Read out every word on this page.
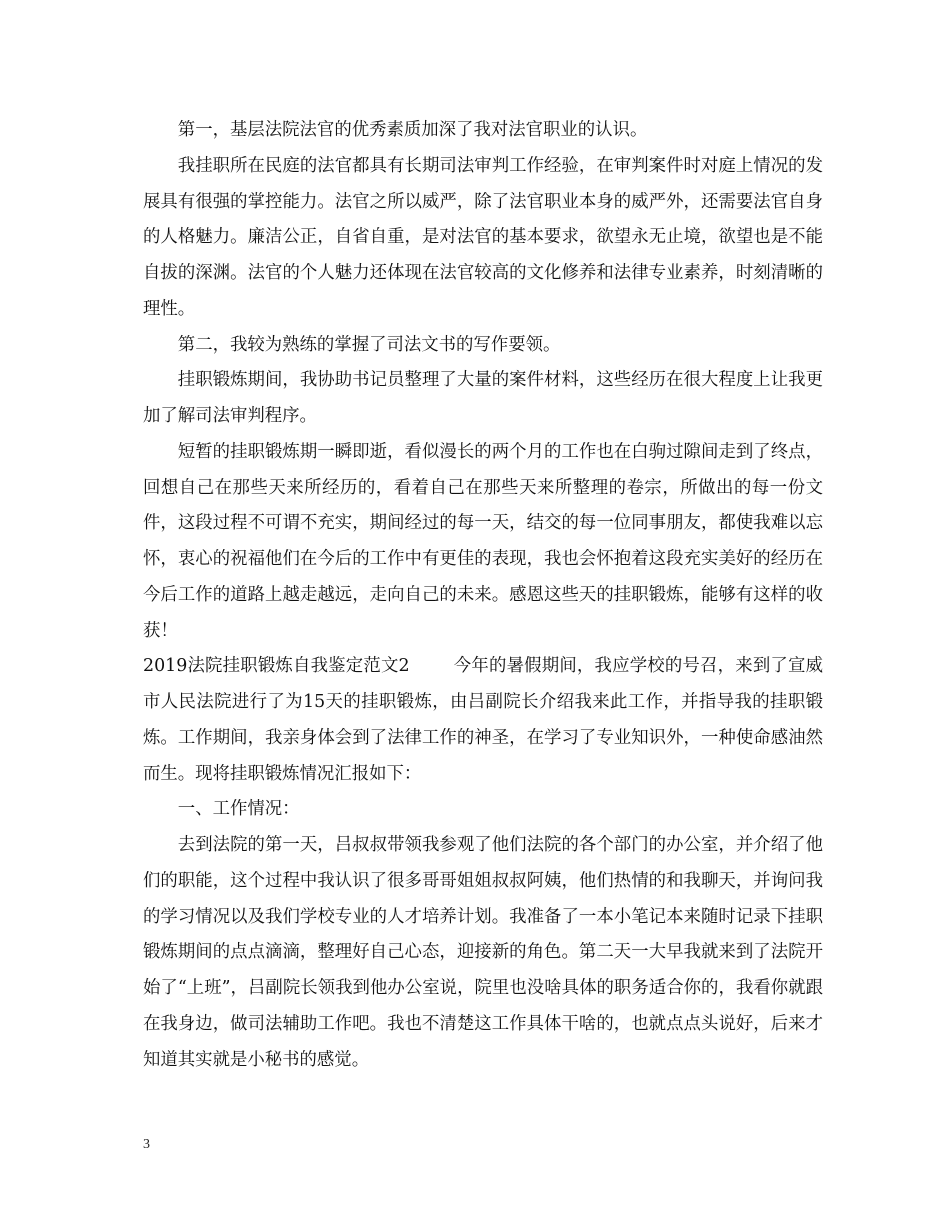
第一，基层法院法官的优秀素质加深了我对法官职业的认识。

我挂职所在民庭的法官都具有长期司法审判工作经验，在审判案件时对庭上情况的发展具有很强的掌控能力。法官之所以威严，除了法官职业本身的威严外，还需要法官自身的人格魅力。廉洁公正，自省自重，是对法官的基本要求，欲望永无止境，欲望也是不能自拔的深渊。法官的个人魅力还体现在法官较高的文化修养和法律专业素养，时刻清晰的理性。

第二，我较为熟练的掌握了司法文书的写作要领。

挂职锻炼期间，我协助书记员整理了大量的案件材料，这些经历在很大程度上让我更加了解司法审判程序。

短暂的挂职锻炼期一瞬即逝，看似漫长的两个月的工作也在白驹过隙间走到了终点，回想自己在那些天来所经历的，看着自己在那些天来所整理的卷宗，所做出的每一份文件，这段过程不可谓不充实，期间经过的每一天，结交的每一位同事朋友，都使我难以忘怀，衷心的祝福他们在今后的工作中有更佳的表现，我也会怀抱着这段充实美好的经历在今后工作的道路上越走越远，走向自己的未来。感恩这些天的挂职锻炼，能够有这样的收获！

2019法院挂职锻炼自我鉴定范文2	今年的暑假期间，我应学校的号召，来到了宣威市人民法院进行了为15天的挂职锻炼，由吕副院长介绍我来此工作，并指导我的挂职锻炼。工作期间，我亲身体会到了法律工作的神圣，在学习了专业知识外，一种使命感油然而生。现将挂职锻炼情况汇报如下：

一、工作情况：

去到法院的第一天，吕叔叔带领我参观了他们法院的各个部门的办公室，并介绍了他们的职能，这个过程中我认识了很多哥哥姐姐叔叔阿姨，他们热情的和我聊天，并询问我的学习情况以及我们学校专业的人才培养计划。我准备了一本小笔记本来随时记录下挂职锻炼期间的点点滴滴，整理好自己心态，迎接新的角色。第二天一大早我就来到了法院开始了“上班”，吕副院长领我到他办公室说，院里也没啥具体的职务适合你的，我看你就跟在我身边，做司法辅助工作吧。我也不清楚这工作具体干啥的，也就点点头说好，后来才知道其实就是小秘书的感觉。

3
